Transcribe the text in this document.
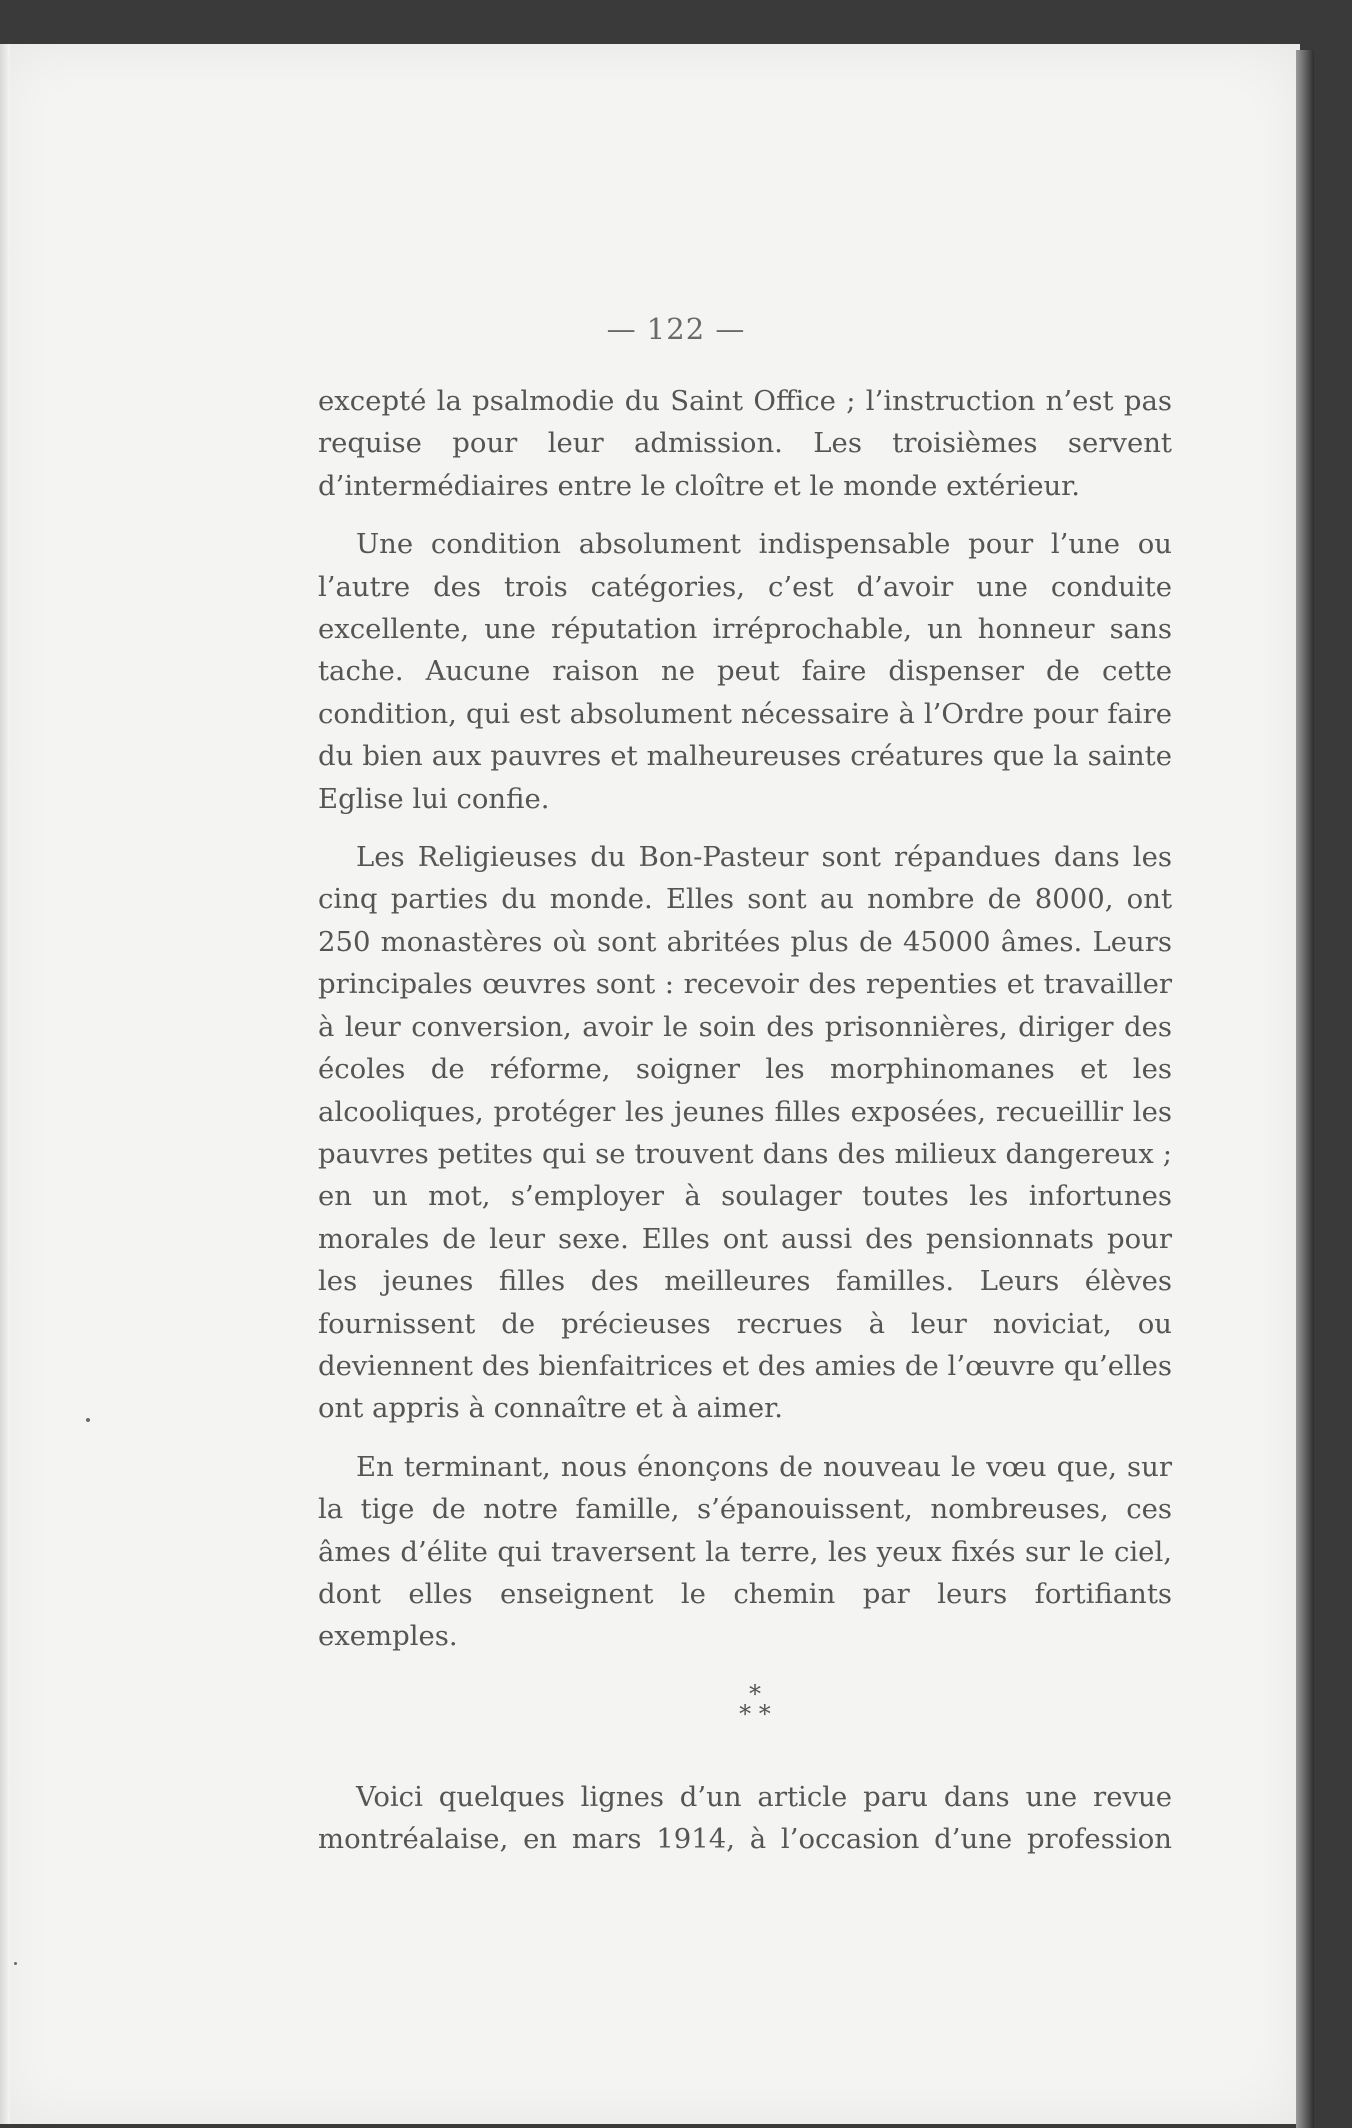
— 122 —

excepté la psalmodie du Saint Office ; l’instruction n’est pas requise pour leur admission. Les troisièmes servent d’intermédiaires entre le cloître et le monde extérieur.

Une condition absolument indispensable pour l’une ou l’autre des trois catégories, c’est d’avoir une conduite excellente, une réputation irréprochable, un honneur sans tache. Aucune raison ne peut faire dispenser de cette condition, qui est absolument nécessaire à l’Ordre pour faire du bien aux pauvres et malheureuses créatures que la sainte Eglise lui confie.

Les Religieuses du Bon-Pasteur sont répandues dans les cinq parties du monde. Elles sont au nombre de 8000, ont 250 monastères où sont abritées plus de 45000 âmes. Leurs principales œuvres sont : recevoir des repenties et travailler à leur conversion, avoir le soin des prisonnières, diriger des écoles de réforme, soigner les morphinomanes et les alcooliques, protéger les jeunes filles exposées, recueillir les pauvres petites qui se trouvent dans des milieux dangereux ; en un mot, s’employer à soulager toutes les infortunes morales de leur sexe. Elles ont aussi des pensionnats pour les jeunes filles des meilleures familles. Leurs élèves fournissent de précieuses recrues à leur noviciat, ou deviennent des bienfaitrices et des amies de l’œuvre qu’elles ont appris à connaître et à aimer.

En terminant, nous énonçons de nouveau le vœu que, sur la tige de notre famille, s’épanouissent, nombreuses, ces âmes d’élite qui traversent la terre, les yeux fixés sur le ciel, dont elles enseignent le chemin par leurs fortifiants exemples.

*
* *

Voici quelques lignes d’un article paru dans une revue montréalaise, en mars 1914, à l’occasion d’une profession
